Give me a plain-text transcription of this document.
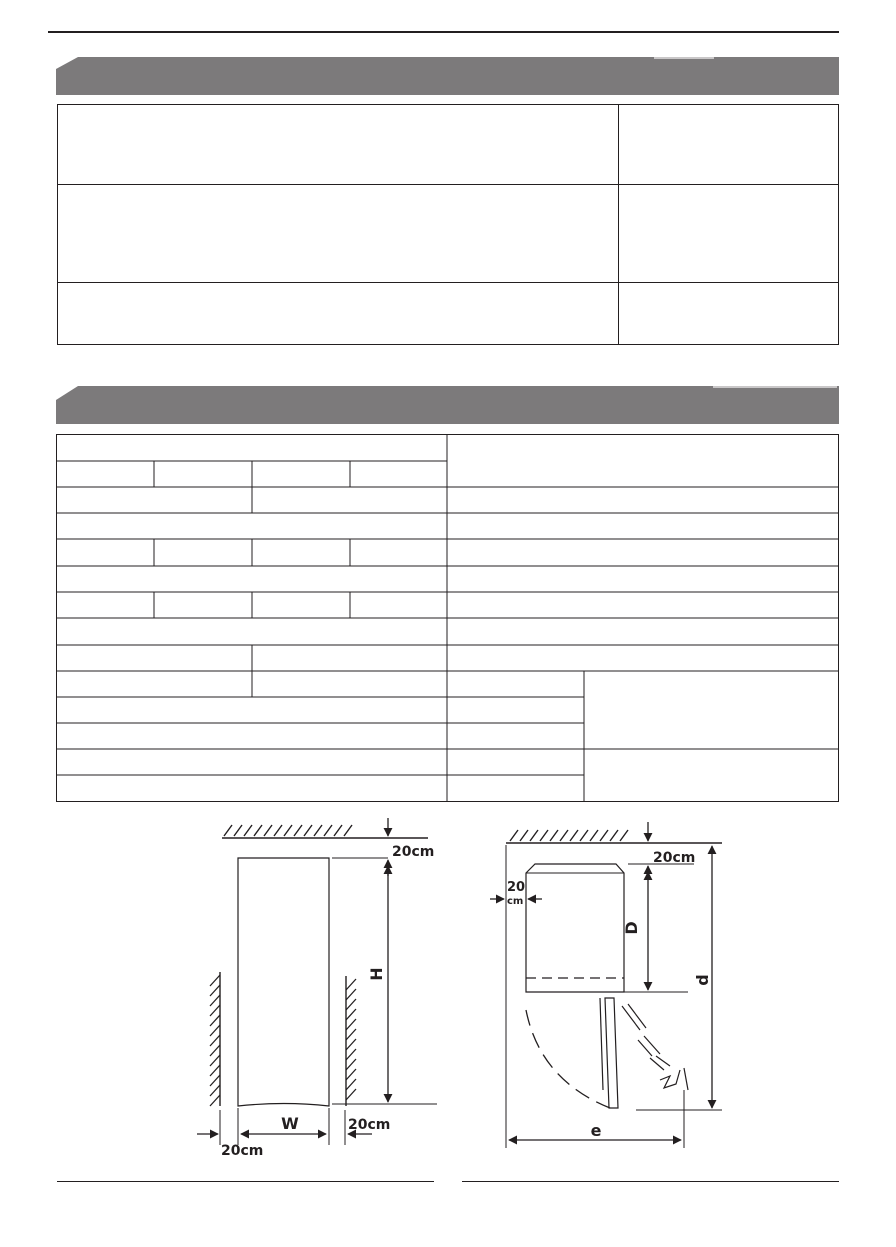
20cm
H
W	20cm
20cm
20cm
20
cm
D
d
e
